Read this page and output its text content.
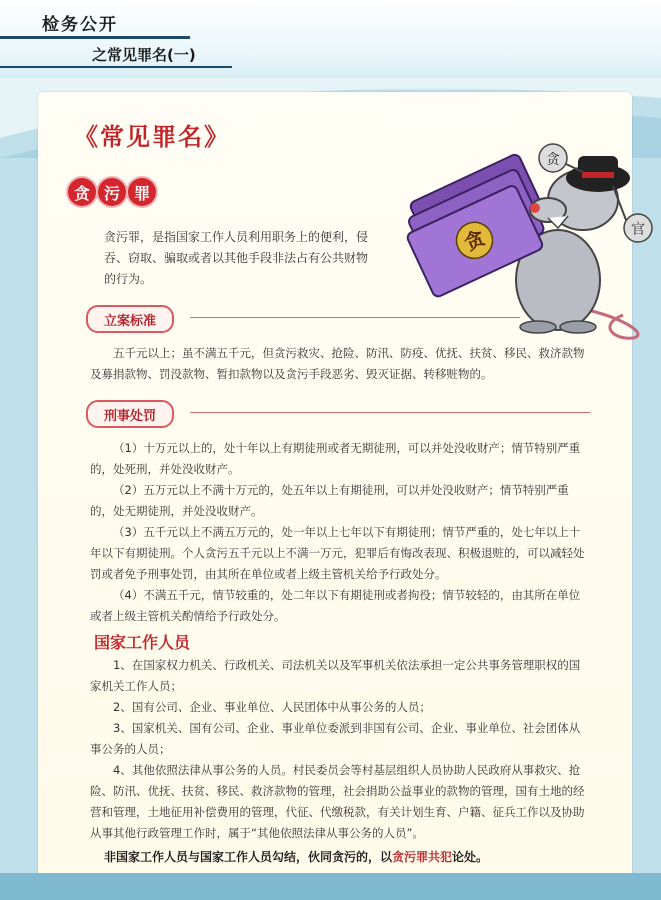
检务公开
之常见罪名(一)
《常见罪名》
贪 污 罪
贪污罪，是指国家工作人员利用职务上的便利，侵吞、窃取、骗取或者以其他手段非法占有公共财物的行为。
贪
贪
官
立案标准

五千元以上；虽不满五千元，但贪污救灾、抢险、防汛、防疫、优抚、扶贫、移民、救济款物及募捐款物、罚没款物、暂扣款物以及贪污手段恶劣、毁灭证据、转移赃物的。

刑事处罚

（1）十万元以上的，处十年以上有期徒刑或者无期徒刑，可以并处没收财产；情节特别严重的，处死刑，并处没收财产。

（2）五万元以上不满十万元的，处五年以上有期徒刑，可以并处没收财产；情节特别严重的，处无期徒刑，并处没收财产。

（3）五千元以上不满五万元的，处一年以上七年以下有期徒刑；情节严重的，处七年以上十年以下有期徒刑。个人贪污五千元以上不满一万元，犯罪后有悔改表现、积极退赃的，可以减轻处罚或者免予刑事处罚，由其所在单位或者上级主管机关给予行政处分。

（4）不满五千元，情节较重的，处二年以下有期徒刑或者拘役；情节较轻的，由其所在单位或者上级主管机关酌情给予行政处分。

国家工作人员

1、在国家权力机关、行政机关、司法机关以及军事机关依法承担一定公共事务管理职权的国家机关工作人员；

2、国有公司、企业、事业单位、人民团体中从事公务的人员；

3、国家机关、国有公司、企业、事业单位委派到非国有公司、企业、事业单位、社会团体从事公务的人员；

4、其他依照法律从事公务的人员。村民委员会等村基层组织人员协助人民政府从事救灾、抢险、防汛、优抚、扶贫、移民、救济款物的管理，社会捐助公益事业的款物的管理，国有土地的经营和管理，土地征用补偿费用的管理，代征、代缴税款，有关计划生育、户籍、征兵工作以及协助从事其他行政管理工作时，属于“其他依照法律从事公务的人员”。

非国家工作人员与国家工作人员勾结，伙同贪污的，以贪污罪共犯论处。
